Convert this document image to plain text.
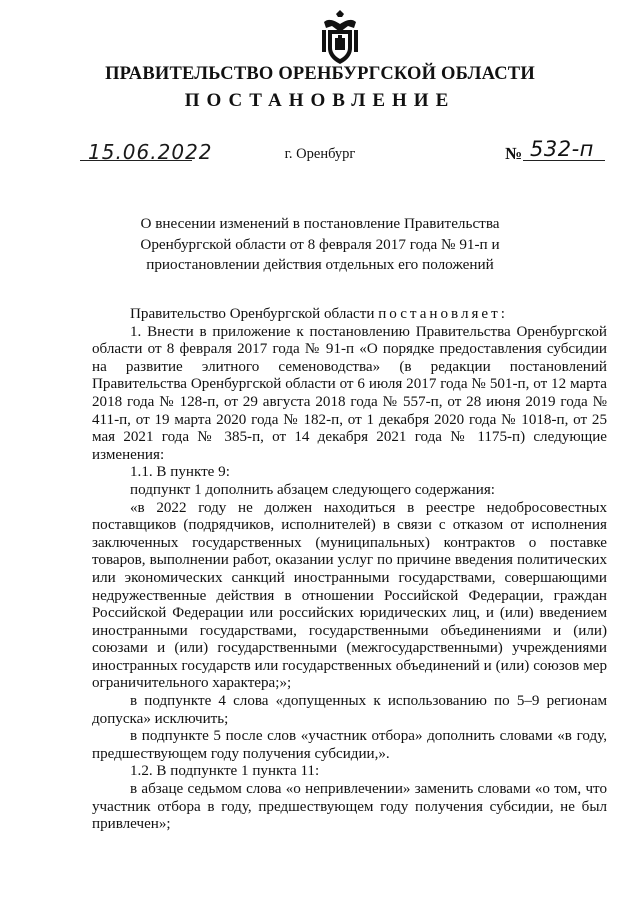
ПРАВИТЕЛЬСТВО ОРЕНБУРГСКОЙ ОБЛАСТИ
ПОСТАНОВЛЕНИЕ
15.06.2022	г. Оренбург	№ 532-п
О внесении изменений в постановление Правительства
Оренбургской области от 8 февраля 2017 года № 91-п и
приостановлении действия отдельных его положений

Правительство Оренбургской области постановляет:

1. Внести в приложение к постановлению Правительства Оренбургской области от 8 февраля 2017 года № 91-п «О порядке предоставления субсидии на развитие элитного семеноводства» (в редакции постановлений Правительства Оренбургской области от 6 июля 2017 года № 501-п, от 12 марта 2018 года № 128-п, от 29 августа 2018 года № 557-п, от 28 июня 2019 года № 411-п, от 19 марта 2020 года № 182-п, от 1 декабря 2020 года № 1018-п, от 25 мая 2021 года № 385-п, от 14 декабря 2021 года № 1175-п) следующие изменения:

1.1. В пункте 9:

подпункт 1 дополнить абзацем следующего содержания:

«в 2022 году не должен находиться в реестре недобросовестных поставщиков (подрядчиков, исполнителей) в связи с отказом от исполнения заключенных государственных (муниципальных) контрактов о поставке товаров, выполнении работ, оказании услуг по причине введения политических или экономических санкций иностранными государствами, совершающими недружественные действия в отношении Российской Федерации, граждан Российской Федерации или российских юридических лиц, и (или) введением иностранными государствами, государственными объединениями и (или) союзами и (или) государственными (межгосударственными) учреждениями иностранных государств или государственных объединений и (или) союзов мер ограничительного характера;»;

в подпункте 4 слова «допущенных к использованию по 5–9 регионам допуска» исключить;

в подпункте 5 после слов «участник отбора» дополнить словами «в году, предшествующем году получения субсидии,».

1.2. В подпункте 1 пункта 11:

в абзаце седьмом слова «о непривлечении» заменить словами «о том, что участник отбора в году, предшествующем году получения субсидии, не был привлечен»;
